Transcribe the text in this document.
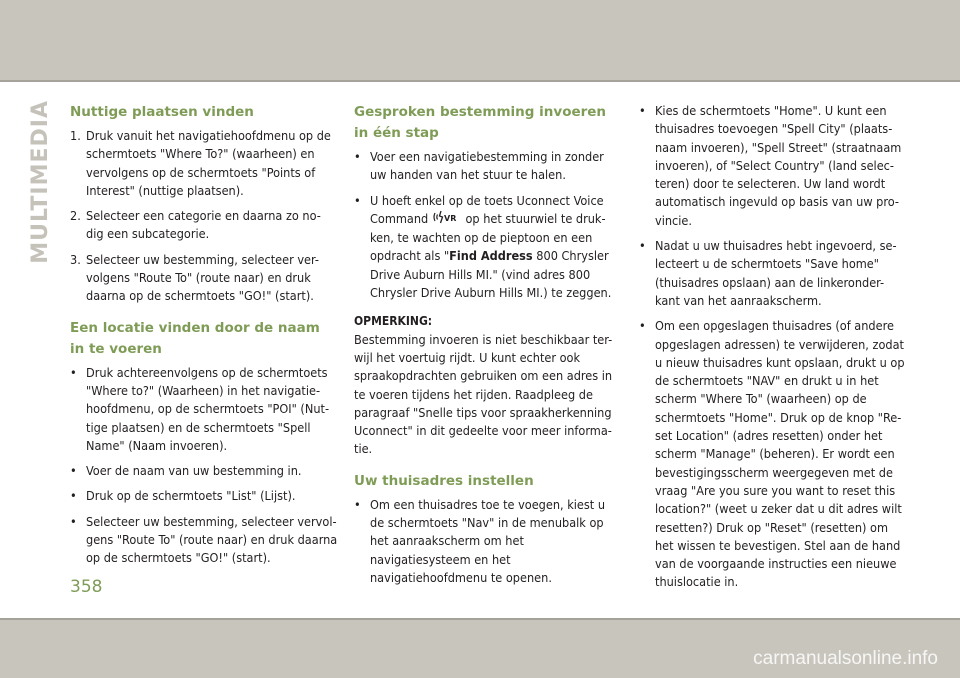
MULTIMEDIA Nuttige plaatsen vinden
1. Druk vanuit het navigatiehoofdmenu op de schermtoets "Where To?" (waarheen) en vervolgens op de schermtoets "Points of Interest" (nuttige plaatsen).
2. Selecteer een categorie en daarna zo no-dig een subcategorie.
3. Selecteer uw bestemming, selecteer ver-volgens "Route To" (route naar) en druk daarna op de schermtoets "GO!" (start).
Een locatie vinden door de naam in te voeren
• Druk achtereenvolgens op de schermtoets "Where to?" (Waarheen) in het navigatie-hoofdmenu, op de schermtoets "POI" (Nut-tige plaatsen) en de schermtoets "Spell Name" (Naam invoeren).
• Voer de naam van uw bestemming in.
• Druk op de schermtoets "List" (Lijst).
• Selecteer uw bestemming, selecteer vervol-gens "Route To" (route naar) en druk daarna op de schermtoets "GO!" (start).
Gesproken bestemming invoeren in één stap
• Voer een navigatiebestemming in zonder uw handen van het stuur te halen.
• U hoeft enkel op de toets Uconnect Voice Command VR op het stuurwiel te druk-ken, te wachten op de pieptoon en een opdracht als "Find Address 800 Chrysler Drive Auburn Hills MI." (vind adres 800 Chrysler Drive Auburn Hills MI.) te zeggen.
OPMERKING:

Bestemming invoeren is niet beschikbaar ter-wijl het voertuig rijdt. U kunt echter ook spraakopdrachten gebruiken om een adres in te voeren tijdens het rijden. Raadpleeg de paragraaf "Snelle tips voor spraakherkenning Uconnect" in dit gedeelte voor meer informa-tie.

Uw thuisadres instellen
• Om een thuisadres toe te voegen, kiest u de schermtoets "Nav" in de menubalk op het aanraakscherm om het navigatiesysteem en het navigatiehoofdmenu te openen.
• Kies de schermtoets "Home". U kunt een thuisadres toevoegen "Spell City" (plaats-naam invoeren), "Spell Street" (straatnaam invoeren), of "Select Country" (land selec-teren) door te selecteren. Uw land wordt automatisch ingevuld op basis van uw pro-vincie.
• Nadat u uw thuisadres hebt ingevoerd, se-lecteert u de schermtoets "Save home" (thuisadres opslaan) aan de linkeronder-kant van het aanraakscherm.
• Om een opgeslagen thuisadres (of andere opgeslagen adressen) te verwijderen, zodat u nieuw thuisadres kunt opslaan, drukt u op de schermtoets "NAV" en drukt u in het scherm "Where To" (waarheen) op de schermtoets "Home". Druk op de knop "Re-set Location" (adres resetten) onder het scherm "Manage" (beheren). Er wordt een bevestigingsscherm weergegeven met de vraag "Are you sure you want to reset this location?" (weet u zeker dat u dit adres wilt resetten?) Druk op "Reset" (resetten) om het wissen te bevestigen. Stel aan de hand van de voorgaande instructies een nieuwe thuislocatie in.
358
carmanualsonline.info
